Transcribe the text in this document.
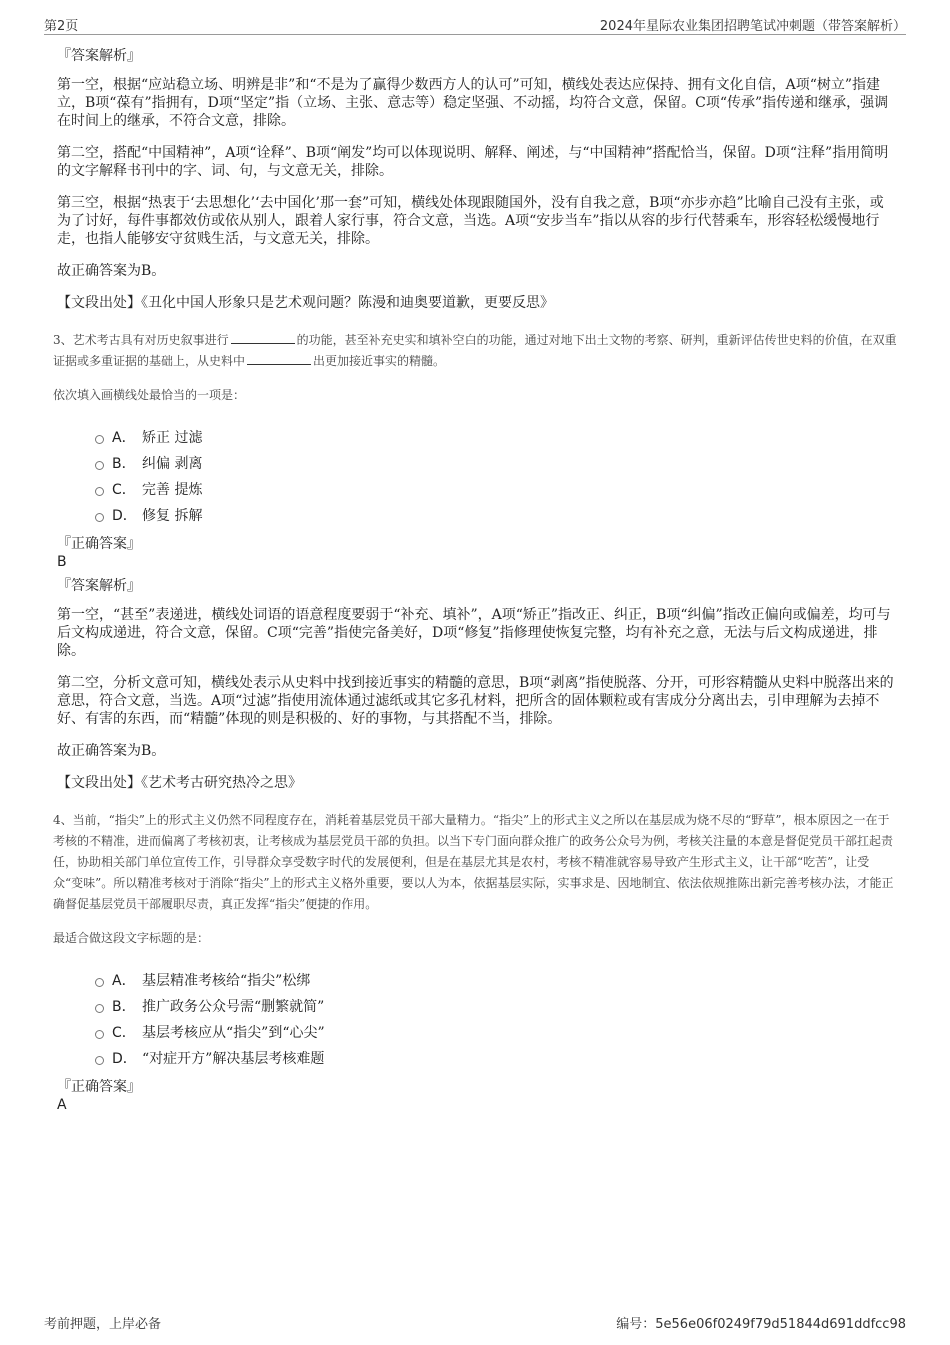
第2页	2024年星际农业集团招聘笔试冲刺题（带答案解析）
『答案解析』

第一空，根据“应站稳立场、明辨是非”和“不是为了赢得少数西方人的认可”可知，横线处表达应保持、拥有文化自信，A项“树立”指建立，B项“葆有”指拥有，D项“坚定”指（立场、主张、意志等）稳定坚强、不动摇，均符合文意，保留。C项“传承”指传递和继承，强调在时间上的继承，不符合文意，排除。

第二空，搭配“中国精神”，A项“诠释”、B项“阐发”均可以体现说明、解释、阐述，与“中国精神”搭配恰当，保留。D项“注释”指用简明的文字解释书刊中的字、词、句，与文意无关，排除。

第三空，根据“热衷于‘去思想化’‘去中国化’那一套”可知，横线处体现跟随国外，没有自我之意，B项“亦步亦趋”比喻自己没有主张，或为了讨好，每件事都效仿或依从别人，跟着人家行事，符合文意，当选。A项“安步当车”指以从容的步行代替乘车，形容轻松缓慢地行走，也指人能够安守贫贱生活，与文意无关，排除。

故正确答案为B。

【文段出处】《丑化中国人形象只是艺术观问题？陈漫和迪奥要道歉，更要反思》

3、艺术考古具有对历史叙事进行	的功能，甚至补充史实和填补空白的功能，通过对地下出土文物的考察、研判，重新评估传世史料的价值，在双重证据或多重证据的基础上，从史料中	出更加接近事实的精髓。

依次填入画横线处最恰当的一项是：

A． 矫正 过滤
B． 纠偏 剥离
C． 完善 提炼
D． 修复 拆解
『正确答案』
B
『答案解析』

第一空，“甚至”表递进，横线处词语的语意程度要弱于“补充、填补”，A项“矫正”指改正、纠正，B项“纠偏”指改正偏向或偏差，均可与后文构成递进，符合文意，保留。C项“完善”指使完备美好，D项“修复”指修理使恢复完整，均有补充之意，无法与后文构成递进，排除。

第二空，分析文意可知，横线处表示从史料中找到接近事实的精髓的意思，B项“剥离”指使脱落、分开，可形容精髓从史料中脱落出来的意思，符合文意，当选。A项“过滤”指使用流体通过滤纸或其它多孔材料，把所含的固体颗粒或有害成分分离出去，引申理解为去掉不好、有害的东西，而“精髓”体现的则是积极的、好的事物，与其搭配不当，排除。

故正确答案为B。

【文段出处】《艺术考古研究热冷之思》

4、当前，“指尖”上的形式主义仍然不同程度存在，消耗着基层党员干部大量精力。“指尖”上的形式主义之所以在基层成为烧不尽的“野草”，根本原因之一在于考核的不精准，进而偏离了考核初衷，让考核成为基层党员干部的负担。以当下专门面向群众推广的政务公众号为例，考核关注量的本意是督促党员干部扛起责任，协助相关部门单位宣传工作，引导群众享受数字时代的发展便利，但是在基层尤其是农村，考核不精准就容易导致产生形式主义，让干部“吃苦”，让受众“变味”。所以精准考核对于消除“指尖”上的形式主义格外重要，要以人为本，依据基层实际，实事求是、因地制宜、依法依规推陈出新完善考核办法，才能正确督促基层党员干部履职尽责，真正发挥“指尖”便捷的作用。

最适合做这段文字标题的是：

A． 基层精准考核给“指尖”松绑
B． 推广政务公众号需“删繁就简”
C． 基层考核应从“指尖”到“心尖”
D． “对症开方”解决基层考核难题
『正确答案』
A
考前押题，上岸必备	编号：5e56e06f0249f79d51844d691ddfcc98
